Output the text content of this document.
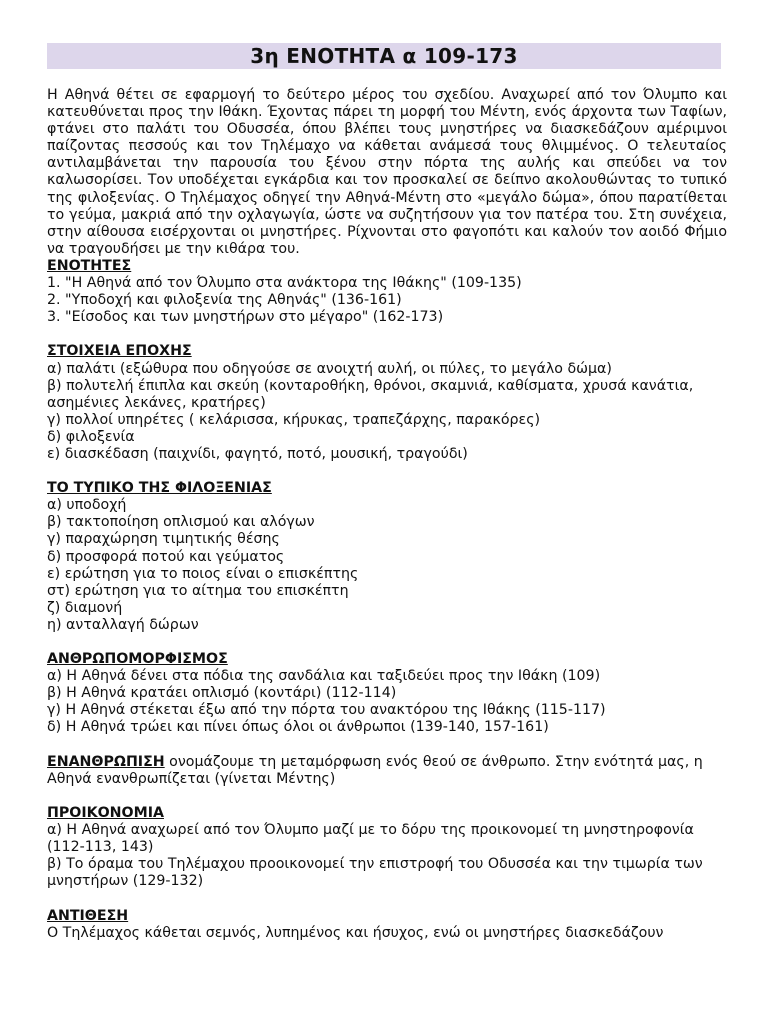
3η ΕΝΟΤΗΤΑ α 109-173

Η Αθηνά θέτει σε εφαρμογή το δεύτερο μέρος του σχεδίου. Αναχωρεί από τον Όλυμπο και κατευθύνεται προς την Ιθάκη. Έχοντας πάρει τη μορφή του Μέντη, ενός άρχοντα των Ταφίων, φτάνει στο παλάτι του Οδυσσέα, όπου βλέπει τους μνηστήρες να διασκεδάζουν αμέριμνοι παίζοντας πεσσούς και τον Τηλέμαχο να κάθεται ανάμεσά τους θλιμμένος. Ο τελευταίος αντιλαμβάνεται την παρουσία του ξένου στην πόρτα της αυλής και σπεύδει να τον καλωσορίσει. Τον υποδέχεται εγκάρδια και τον προσκαλεί σε δείπνο ακολουθώντας το τυπικό της φιλοξενίας. Ο Τηλέμαχος οδηγεί την Αθηνά-Μέντη στο «μεγάλο δώμα», όπου παρατίθεται το γεύμα, μακριά από την οχλαγωγία, ώστε να συζητήσουν για τον πατέρα του. Στη συνέχεια, στην αίθουσα εισέρχονται οι μνηστήρες. Ρίχνονται στο φαγοπότι και καλούν τον αοιδό Φήμιο να τραγουδήσει με την κιθάρα του.

ΕΝΟΤΗΤΕΣ

1. "Η Αθηνά από τον Όλυμπο στα ανάκτορα της Ιθάκης" (109-135)

2. "Υποδοχή και φιλοξενία της Αθηνάς" (136-161)

3. "Είσοδος και των μνηστήρων στο μέγαρο" (162-173)

ΣΤΟΙΧΕΙΑ ΕΠΟΧΗΣ

α) παλάτι (εξώθυρα που οδηγούσε σε ανοιχτή αυλή, οι πύλες, το μεγάλο δώμα)

β) πολυτελή έπιπλα και σκεύη (κονταροθήκη, θρόνοι, σκαμνιά, καθίσματα, χρυσά κανάτια, ασημένιες λεκάνες, κρατήρες)

γ) πολλοί υπηρέτες ( κελάρισσα, κήρυκας, τραπεζάρχης, παρακόρες)

δ) φιλοξενία

ε) διασκέδαση (παιχνίδι, φαγητό, ποτό, μουσική, τραγούδι)

ΤΟ ΤΥΠΙΚΟ ΤΗΣ ΦΙΛΟΞΕΝΙΑΣ

α) υποδοχή

β) τακτοποίηση οπλισμού και αλόγων

γ) παραχώρηση τιμητικής θέσης

δ) προσφορά ποτού και γεύματος

ε) ερώτηση για το ποιος είναι ο επισκέπτης

στ) ερώτηση για το αίτημα του επισκέπτη

ζ) διαμονή

η) ανταλλαγή δώρων

ΑΝΘΡΩΠΟΜΟΡΦΙΣΜΟΣ

α) Η Αθηνά δένει στα πόδια της σανδάλια και ταξιδεύει προς την Ιθάκη (109)

β) Η Αθηνά κρατάει οπλισμό (κοντάρι) (112-114)

γ) Η Αθηνά στέκεται έξω από την πόρτα του ανακτόρου της Ιθάκης (115-117)

δ) Η Αθηνά τρώει και πίνει όπως όλοι οι άνθρωποι (139-140, 157-161)

ΕΝΑΝΘΡΩΠΙΣΗ ονομάζουμε τη μεταμόρφωση ενός θεού σε άνθρωπο. Στην ενότητά μας, η Αθηνά ενανθρωπίζεται (γίνεται Μέντης)

ΠΡΟΙΚΟΝΟΜΙΑ

α) Η Αθηνά αναχωρεί από τον Όλυμπο μαζί με το δόρυ της προικονομεί τη μνηστηροφονία (112-113, 143)

β) Το όραμα του Τηλέμαχου προοικονομεί την επιστροφή του Οδυσσέα και την τιμωρία των μνηστήρων (129-132)

ΑΝΤΙΘΕΣΗ

Ο Τηλέμαχος κάθεται σεμνός, λυπημένος και ήσυχος, ενώ οι μνηστήρες διασκεδάζουν
